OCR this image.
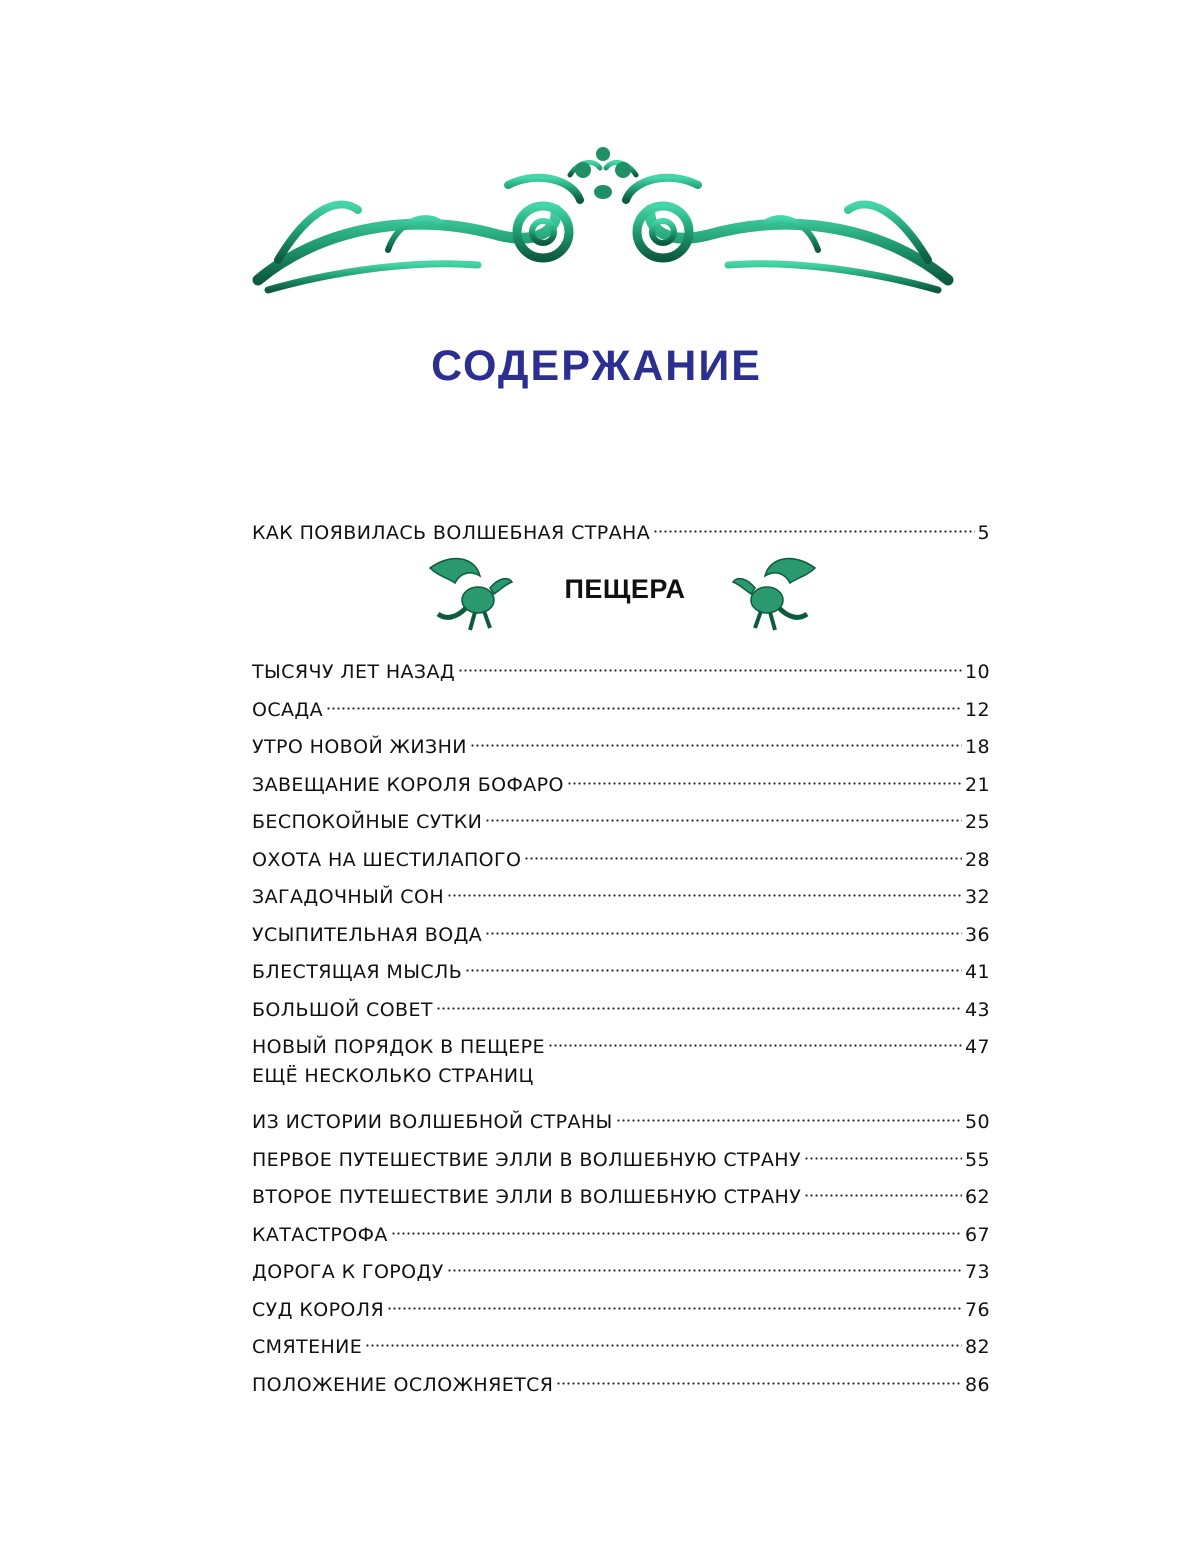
СОДЕРЖАНИЕ
КАК ПОЯВИЛАСЬ ВОЛШЕБНАЯ СТРАНА	5
ПЕЩЕРА
ТЫСЯЧУ ЛЕТ НАЗАД	10
ОСАДА	12
УТРО НОВОЙ ЖИЗНИ	18
ЗАВЕЩАНИЕ КОРОЛЯ БОФАРО	21
БЕСПОКОЙНЫЕ СУТКИ	25
ОХОТА НА ШЕСТИЛАПОГО	28
ЗАГАДОЧНЫЙ СОН	32
УСЫПИТЕЛЬНАЯ ВОДА	36
БЛЕСТЯЩАЯ МЫСЛЬ	41
БОЛЬШОЙ СОВЕТ	43
НОВЫЙ ПОРЯДОК В ПЕЩЕРЕ	47
ЕЩЁ НЕСКОЛЬКО СТРАНИЦ
ИЗ ИСТОРИИ ВОЛШЕБНОЙ СТРАНЫ	50
ПЕРВОЕ ПУТЕШЕСТВИЕ ЭЛЛИ В ВОЛШЕБНУЮ СТРАНУ	55
ВТОРОЕ ПУТЕШЕСТВИЕ ЭЛЛИ В ВОЛШЕБНУЮ СТРАНУ	62
КАТАСТРОФА	67
ДОРОГА К ГОРОДУ	73
СУД КОРОЛЯ	76
СМЯТЕНИЕ	82
ПОЛОЖЕНИЕ ОСЛОЖНЯЕТСЯ	86
